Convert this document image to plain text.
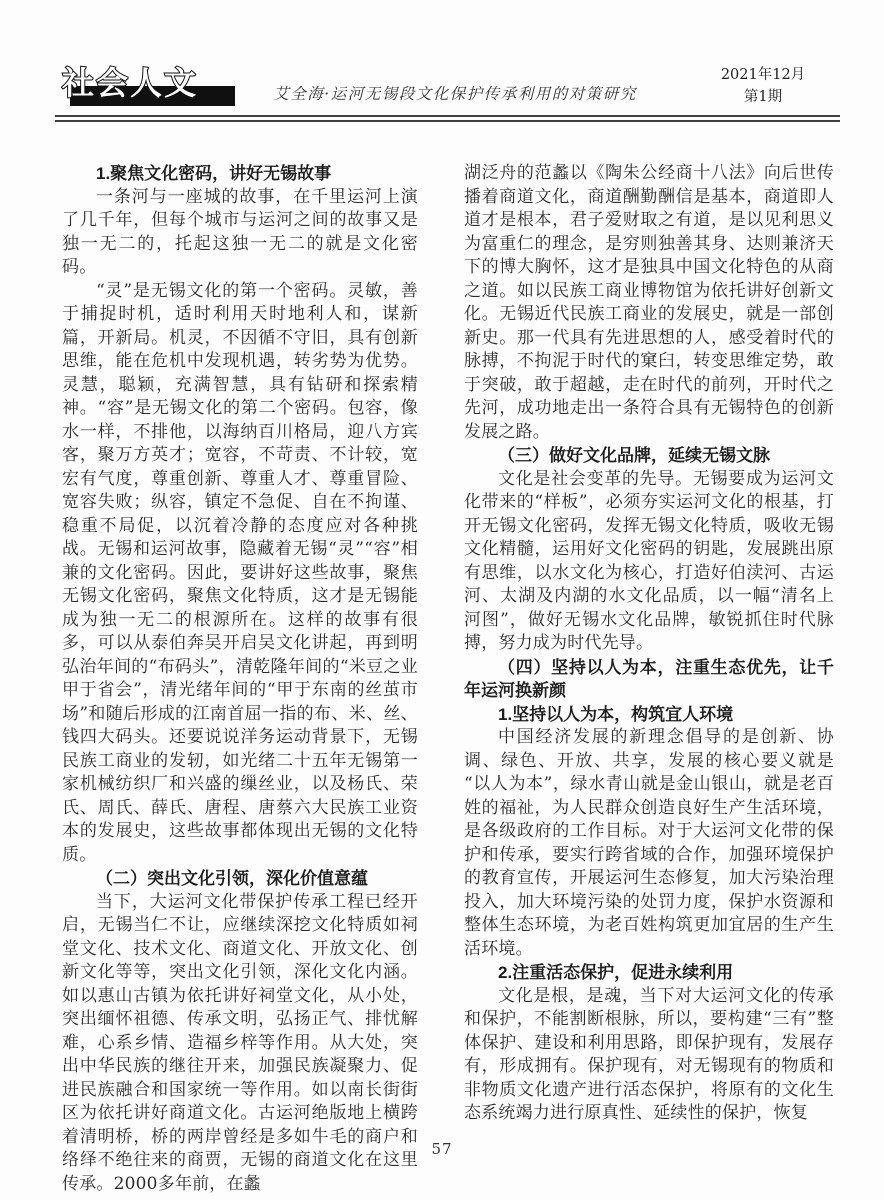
社会人文	艾全海·运河无锡段文化保护传承利用的对策研究
2021年12月
第1期

1.聚焦文化密码，讲好无锡故事

一条河与一座城的故事，在千里运河上演了几千年，但每个城市与运河之间的故事又是独一无二的，托起这独一无二的就是文化密码。

“灵”是无锡文化的第一个密码。灵敏，善于捕捉时机，适时利用天时地利人和，谋新篇，开新局。机灵，不因循不守旧，具有创新思维，能在危机中发现机遇，转劣势为优势。灵慧，聪颖，充满智慧，具有钻研和探索精神。“容”是无锡文化的第二个密码。包容，像水一样，不排他，以海纳百川格局，迎八方宾客，聚万方英才；宽容，不苛责、不计较，宽宏有气度，尊重创新、尊重人才、尊重冒险、宽容失败；纵容，镇定不急促、自在不拘谨、稳重不局促，以沉着冷静的态度应对各种挑战。无锡和运河故事，隐藏着无锡“灵”“容”相兼的文化密码。因此，要讲好这些故事，聚焦无锡文化密码，聚焦文化特质，这才是无锡能成为独一无二的根源所在。这样的故事有很多，可以从泰伯奔吴开启吴文化讲起，再到明弘治年间的“布码头”，清乾隆年间的“米豆之业甲于省会”，清光绪年间的“甲于东南的丝茧市场”和随后形成的江南首屈一指的布、米、丝、钱四大码头。还要说说洋务运动背景下，无锡民族工商业的发轫，如光绪二十五年无锡第一家机械纺织厂和兴盛的缫丝业，以及杨氏、荣氏、周氏、薛氏、唐程、唐蔡六大民族工业资本的发展史，这些故事都体现出无锡的文化特质。

（二）突出文化引领，深化价值意蕴

当下，大运河文化带保护传承工程已经开启，无锡当仁不让，应继续深挖文化特质如祠堂文化、技术文化、商道文化、开放文化、创新文化等等，突出文化引领，深化文化内涵。如以惠山古镇为依托讲好祠堂文化，从小处，突出缅怀祖德、传承文明，弘扬正气、排忧解难，心系乡情、造福乡梓等作用。从大处，突出中华民族的继往开来，加强民族凝聚力、促进民族融合和国家统一等作用。如以南长街街区为依托讲好商道文化。古运河绝版地上横跨着清明桥，桥的两岸曾经是多如牛毛的商户和络绎不绝往来的商贾，无锡的商道文化在这里传承。2000多年前，在蠡

湖泛舟的范蠡以《陶朱公经商十八法》向后世传播着商道文化，商道酬勤酬信是基本，商道即人道才是根本，君子爱财取之有道，是以见利思义为富重仁的理念，是穷则独善其身、达则兼济天下的博大胸怀，这才是独具中国文化特色的从商之道。如以民族工商业博物馆为依托讲好创新文化。无锡近代民族工商业的发展史，就是一部创新史。那一代具有先进思想的人，感受着时代的脉搏，不拘泥于时代的窠臼，转变思维定势，敢于突破，敢于超越，走在时代的前列，开时代之先河，成功地走出一条符合具有无锡特色的创新发展之路。

（三）做好文化品牌，延续无锡文脉

文化是社会变革的先导。无锡要成为运河文化带来的“样板”，必须夯实运河文化的根基，打开无锡文化密码，发挥无锡文化特质，吸收无锡文化精髓，运用好文化密码的钥匙，发展跳出原有思维，以水文化为核心，打造好伯渎河、古运河、太湖及内湖的水文化品质，以一幅“清名上河图”，做好无锡水文化品牌，敏锐抓住时代脉搏，努力成为时代先导。

（四）坚持以人为本，注重生态优先，让千年运河换新颜

1.坚持以人为本，构筑宜人环境

中国经济发展的新理念倡导的是创新、协调、绿色、开放、共享，发展的核心要义就是“以人为本”，绿水青山就是金山银山，就是老百姓的福祉，为人民群众创造良好生产生活环境，是各级政府的工作目标。对于大运河文化带的保护和传承，要实行跨省域的合作，加强环境保护的教育宣传，开展运河生态修复，加大污染治理投入，加大环境污染的处罚力度，保护水资源和整体生态环境，为老百姓构筑更加宜居的生产生活环境。

2.注重活态保护，促进永续利用

文化是根，是魂，当下对大运河文化的传承和保护，不能割断根脉，所以，要构建“三有”整体保护、建设和利用思路，即保护现有，发展存有，形成拥有。保护现有，对无锡现有的物质和非物质文化遗产进行活态保护，将原有的文化生态系统竭力进行原真性、延续性的保护，恢复

57
